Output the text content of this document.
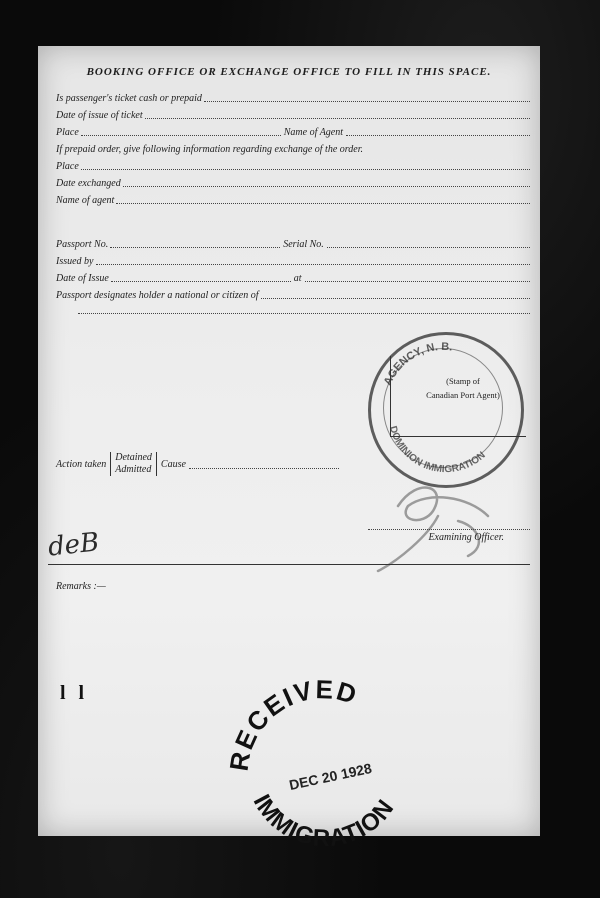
BOOKING OFFICE OR EXCHANGE OFFICE TO FILL IN THIS SPACE.
Is passenger's ticket cash or prepaid
Date of issue of ticket
Place	Name of Agent
If prepaid order, give following information regarding exchange of the order.
Place
Date exchanged
Name of agent
Passport No.	Serial No.
Issued by
Date of Issue	at
Passport designates holder a national or citizen of
AGENCY, N. B.
DOMINION IMMIGRATION
(Stamp of
Canadian Port Agent)
Action taken
Detained
Admitted Cause
Examining Officer.
deB
Remarks :—
l l
RECEIVED
IMMIGRATION
DEC 20 1928
